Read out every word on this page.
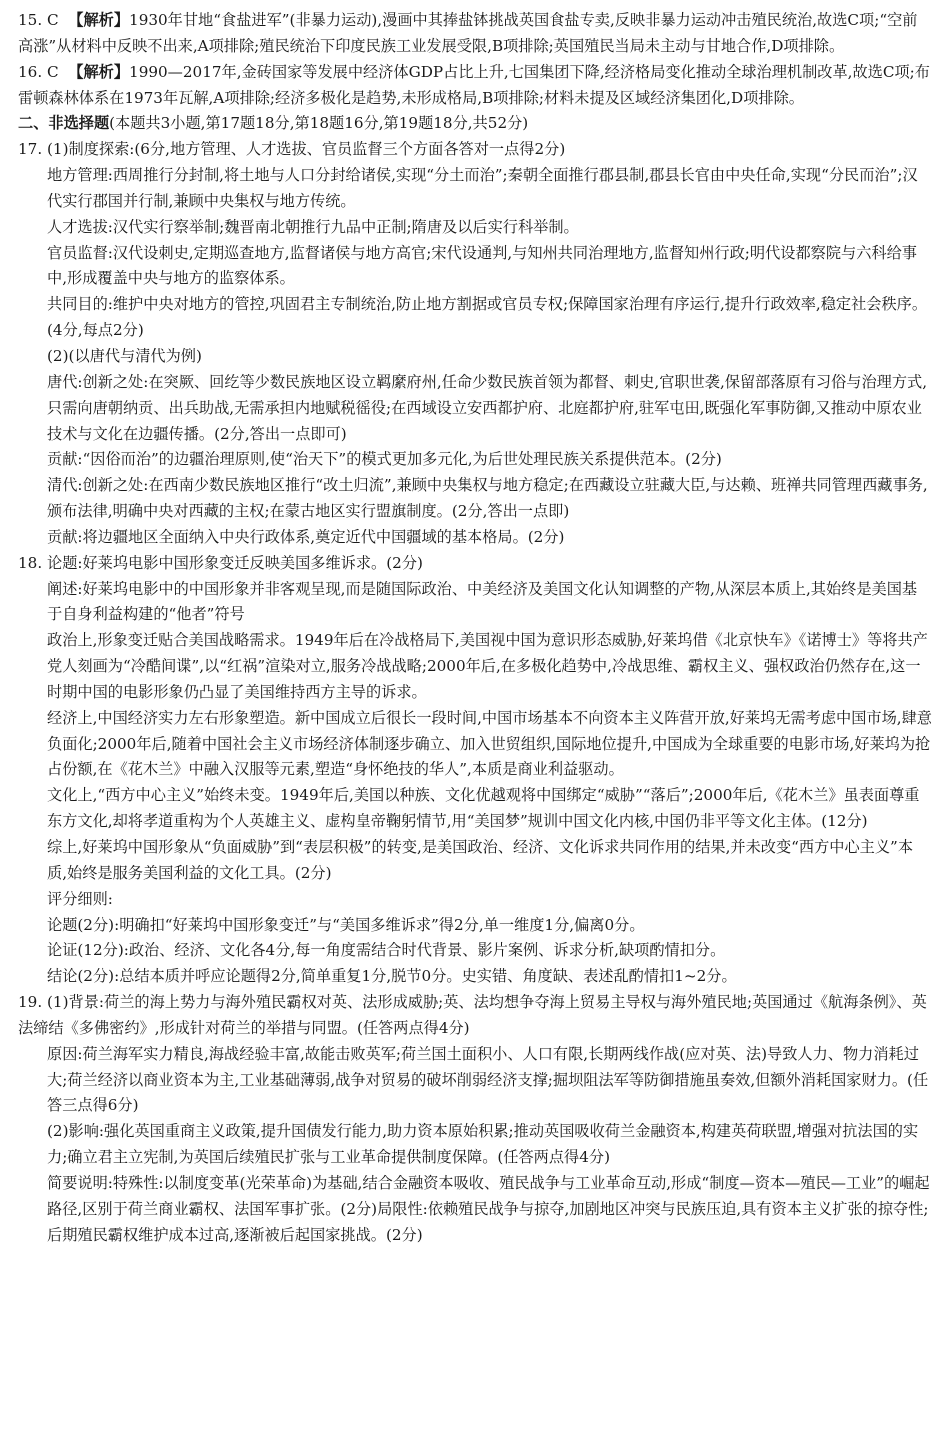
15. C 【解析】1930年甘地“食盐进军”(非暴力运动),漫画中其捧盐钵挑战英国食盐专卖,反映非暴力运动冲击殖民统治,故选C项;“空前高涨”从材料中反映不出来,A项排除;殖民统治下印度民族工业发展受限,B项排除;英国殖民当局未主动与甘地合作,D项排除。

16. C 【解析】1990—2017年,金砖国家等发展中经济体GDP占比上升,七国集团下降,经济格局变化推动全球治理机制改革,故选C项;布雷顿森林体系在1973年瓦解,A项排除;经济多极化是趋势,未形成格局,B项排除;材料未提及区域经济集团化,D项排除。

二、非选择题(本题共3小题,第17题18分,第18题16分,第19题18分,共52分)

17. (1)制度探索:(6分,地方管理、人才选拔、官员监督三个方面各答对一点得2分)

地方管理:西周推行分封制,将土地与人口分封给诸侯,实现“分土而治”;秦朝全面推行郡县制,郡县长官由中央任命,实现“分民而治”;汉代实行郡国并行制,兼顾中央集权与地方传统。

人才选拔:汉代实行察举制;魏晋南北朝推行九品中正制;隋唐及以后实行科举制。

官员监督:汉代设刺史,定期巡查地方,监督诸侯与地方高官;宋代设通判,与知州共同治理地方,监督知州行政;明代设都察院与六科给事中,形成覆盖中央与地方的监察体系。

共同目的:维护中央对地方的管控,巩固君主专制统治,防止地方割据或官员专权;保障国家治理有序运行,提升行政效率,稳定社会秩序。(4分,每点2分)

(2)(以唐代与清代为例)

唐代:创新之处:在突厥、回纥等少数民族地区设立羁縻府州,任命少数民族首领为都督、刺史,官职世袭,保留部落原有习俗与治理方式,只需向唐朝纳贡、出兵助战,无需承担内地赋税徭役;在西域设立安西都护府、北庭都护府,驻军屯田,既强化军事防御,又推动中原农业技术与文化在边疆传播。(2分,答出一点即可)

贡献:“因俗而治”的边疆治理原则,使“治天下”的模式更加多元化,为后世处理民族关系提供范本。(2分)

清代:创新之处:在西南少数民族地区推行“改土归流”,兼顾中央集权与地方稳定;在西藏设立驻藏大臣,与达赖、班禅共同管理西藏事务,颁布法律,明确中央对西藏的主权;在蒙古地区实行盟旗制度。(2分,答出一点即)

贡献:将边疆地区全面纳入中央行政体系,奠定近代中国疆域的基本格局。(2分)

18. 论题:好莱坞电影中国形象变迁反映美国多维诉求。(2分)

阐述:好莱坞电影中的中国形象并非客观呈现,而是随国际政治、中美经济及美国文化认知调整的产物,从深层本质上,其始终是美国基于自身利益构建的“他者”符号

政治上,形象变迁贴合美国战略需求。1949年后在冷战格局下,美国视中国为意识形态威胁,好莱坞借《北京快车》《诺博士》等将共产党人刻画为“冷酷间谍”,以“红祸”渲染对立,服务冷战战略;2000年后,在多极化趋势中,冷战思维、霸权主义、强权政治仍然存在,这一时期中国的电影形象仍凸显了美国维持西方主导的诉求。

经济上,中国经济实力左右形象塑造。新中国成立后很长一段时间,中国市场基本不向资本主义阵营开放,好莱坞无需考虑中国市场,肆意负面化;2000年后,随着中国社会主义市场经济体制逐步确立、加入世贸组织,国际地位提升,中国成为全球重要的电影市场,好莱坞为抢占份额,在《花木兰》中融入汉服等元素,塑造“身怀绝技的华人”,本质是商业利益驱动。

文化上,“西方中心主义”始终未变。1949年后,美国以种族、文化优越观将中国绑定“威胁”“落后”;2000年后,《花木兰》虽表面尊重东方文化,却将孝道重构为个人英雄主义、虚构皇帝鞠躬情节,用“美国梦”规训中国文化内核,中国仍非平等文化主体。(12分)

综上,好莱坞中国形象从“负面威胁”到“表层积极”的转变,是美国政治、经济、文化诉求共同作用的结果,并未改变“西方中心主义”本质,始终是服务美国利益的文化工具。(2分)

评分细则:

论题(2分):明确扣“好莱坞中国形象变迁”与“美国多维诉求”得2分,单一维度1分,偏离0分。

论证(12分):政治、经济、文化各4分,每一角度需结合时代背景、影片案例、诉求分析,缺项酌情扣分。

结论(2分):总结本质并呼应论题得2分,简单重复1分,脱节0分。史实错、角度缺、表述乱酌情扣1~2分。

19. (1)背景:荷兰的海上势力与海外殖民霸权对英、法形成威胁;英、法均想争夺海上贸易主导权与海外殖民地;英国通过《航海条例》、英法缔结《多佛密约》,形成针对荷兰的举措与同盟。(任答两点得4分)

原因:荷兰海军实力精良,海战经验丰富,故能击败英军;荷兰国土面积小、人口有限,长期两线作战(应对英、法)导致人力、物力消耗过大;荷兰经济以商业资本为主,工业基础薄弱,战争对贸易的破坏削弱经济支撑;掘坝阻法军等防御措施虽奏效,但额外消耗国家财力。(任答三点得6分)

(2)影响:强化英国重商主义政策,提升国债发行能力,助力资本原始积累;推动英国吸收荷兰金融资本,构建英荷联盟,增强对抗法国的实力;确立君主立宪制,为英国后续殖民扩张与工业革命提供制度保障。(任答两点得4分)

简要说明:特殊性:以制度变革(光荣革命)为基础,结合金融资本吸收、殖民战争与工业革命互动,形成“制度—资本—殖民—工业”的崛起路径,区别于荷兰商业霸权、法国军事扩张。(2分)局限性:依赖殖民战争与掠夺,加剧地区冲突与民族压迫,具有资本主义扩张的掠夺性;后期殖民霸权维护成本过高,逐渐被后起国家挑战。(2分)
